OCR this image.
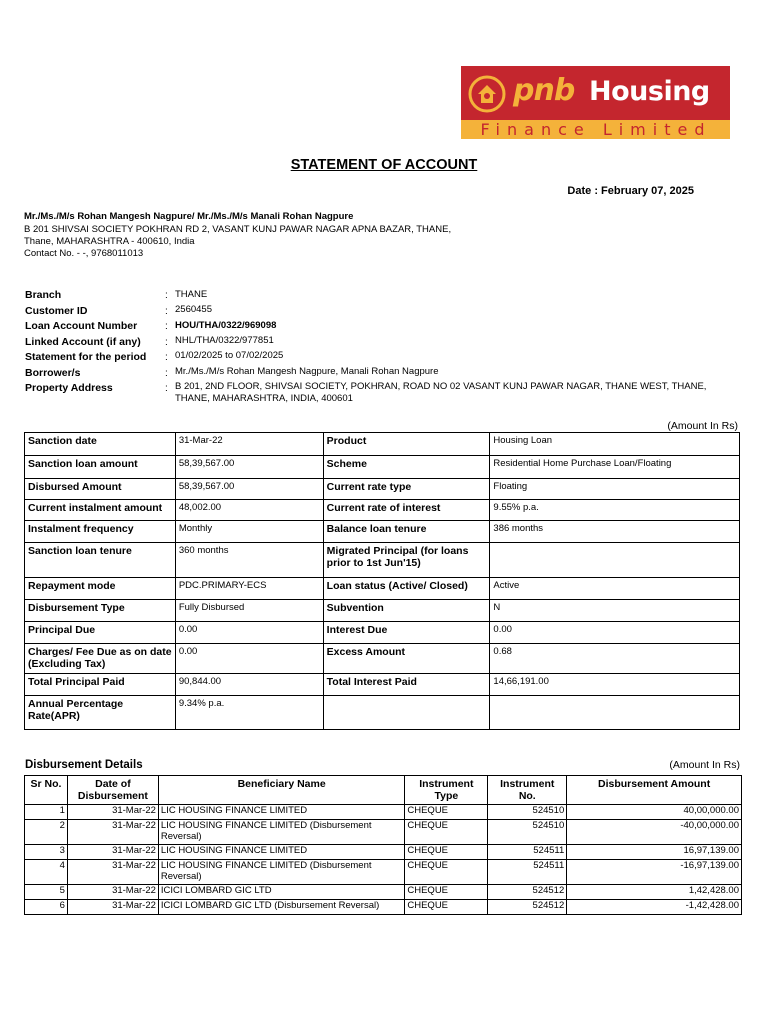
pnb Housing
Finance Limited
STATEMENT OF ACCOUNT
Date : February 07, 2025
Mr./Ms./M/s Rohan Mangesh Nagpure/ Mr./Ms./M/s Manali Rohan Nagpure
B 201 SHIVSAI SOCIETY POKHRAN RD 2, VASANT KUNJ PAWAR NAGAR APNA BAZAR, THANE,
Thane, MAHARASHTRA - 400610, India
Contact No. - -, 9768011013
Branch	: THANE
Customer ID	: 2560455
Loan Account Number	: HOU/THA/0322/969098
Linked Account (if any) : NHL/THA/0322/977851
Statement for the period : 01/02/2025 to 07/02/2025
Borrower/s	: Mr./Ms./M/s Rohan Mangesh Nagpure, Manali Rohan Nagpure
Property Address	: B 201, 2ND FLOOR, SHIVSAI SOCIETY, POKHRAN, ROAD NO 02 VASANT KUNJ PAWAR NAGAR, THANE WEST, THANE, THANE, MAHARASHTRA, INDIA, 400601
(Amount In Rs)
Sanction date	31-Mar-22	Product	Housing Loan
Sanction loan amount	58,39,567.00	Scheme	Residential Home Purchase Loan/Floating
Disbursed Amount	58,39,567.00	Current rate type	Floating
Current instalment amount	48,002.00	Current rate of interest	9.55% p.a.
Instalment frequency	Monthly	Balance loan tenure	386 months
Sanction loan tenure	360 months	Migrated Principal (for loans prior to 1st Jun'15)	
Repayment mode	PDC.PRIMARY-ECS	Loan status (Active/ Closed)	Active
Disbursement Type	Fully Disbursed	Subvention	N
Principal Due	0.00	Interest Due	0.00
Charges/ Fee Due as on date (Excluding Tax)	0.00	Excess Amount	0.68
Total Principal Paid	90,844.00	Total Interest Paid	14,66,191.00
Annual Percentage Rate(APR)	9.34% p.a.		
Disbursement Details	(Amount In Rs)
Sr No.	Date of Disbursement	Beneficiary Name	Instrument Type	Instrument No.	Disbursement Amount
1	31-Mar-22	LIC HOUSING FINANCE LIMITED	CHEQUE	524510	40,00,000.00
2	31-Mar-22	LIC HOUSING FINANCE LIMITED (Disbursement Reversal)	CHEQUE	524510	-40,00,000.00
3	31-Mar-22	LIC HOUSING FINANCE LIMITED	CHEQUE	524511	16,97,139.00
4	31-Mar-22	LIC HOUSING FINANCE LIMITED (Disbursement Reversal)	CHEQUE	524511	-16,97,139.00
5	31-Mar-22	ICICI LOMBARD GIC LTD	CHEQUE	524512	1,42,428.00
6	31-Mar-22	ICICI LOMBARD GIC LTD (Disbursement Reversal)	CHEQUE	524512	-1,42,428.00
